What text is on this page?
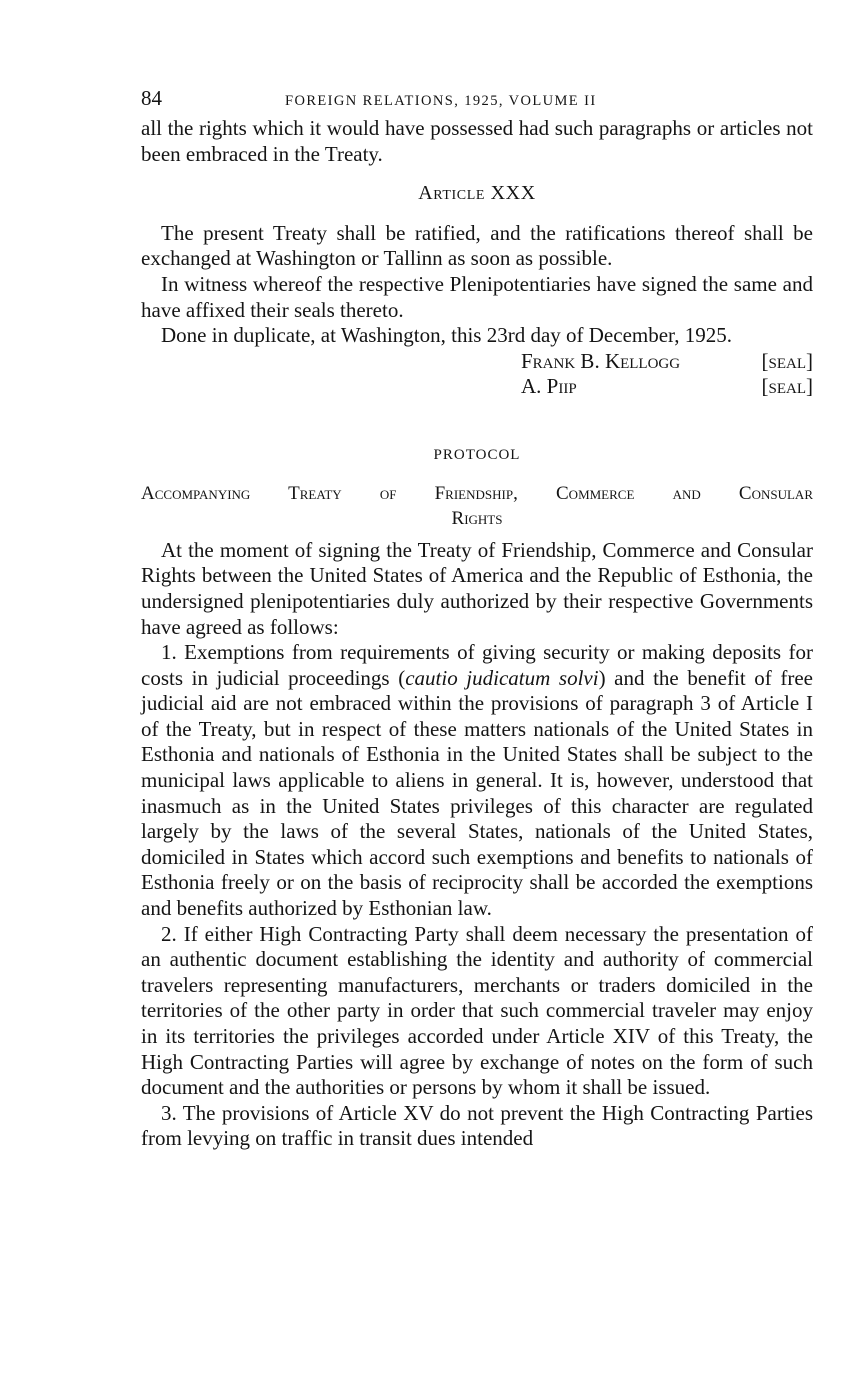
84	FOREIGN RELATIONS, 1925, VOLUME II

all the rights which it would have possessed had such paragraphs or articles not been embraced in the Treaty.

Article XXX

The present Treaty shall be ratified, and the ratifications thereof shall be exchanged at Washington or Tallinn as soon as possible.

In witness whereof the respective Plenipotentiaries have signed the same and have affixed their seals thereto.

Done in duplicate, at Washington, this 23rd day of December, 1925.

Frank B. Kellogg	[seal]
A. Piip	[seal]

PROTOCOL

Accompanying Treaty of Friendship, Commerce and Consular
Rights

At the moment of signing the Treaty of Friendship, Commerce and Consular Rights between the United States of America and the Republic of Esthonia, the undersigned plenipotentiaries duly authorized by their respective Governments have agreed as follows:

1. Exemptions from requirements of giving security or making deposits for costs in judicial proceedings (cautio judicatum solvi) and the benefit of free judicial aid are not embraced within the provisions of paragraph 3 of Article I of the Treaty, but in respect of these matters nationals of the United States in Esthonia and nationals of Esthonia in the United States shall be subject to the municipal laws applicable to aliens in general. It is, however, understood that inasmuch as in the United States privileges of this character are regulated largely by the laws of the several States, nationals of the United States, domiciled in States which accord such exemptions and benefits to nationals of Esthonia freely or on the basis of reciprocity shall be accorded the exemptions and benefits authorized by Esthonian law.

2. If either High Contracting Party shall deem necessary the presentation of an authentic document establishing the identity and authority of commercial travelers representing manufacturers, merchants or traders domiciled in the territories of the other party in order that such commercial traveler may enjoy in its territories the privileges accorded under Article XIV of this Treaty, the High Contracting Parties will agree by exchange of notes on the form of such document and the authorities or persons by whom it shall be issued.

3. The provisions of Article XV do not prevent the High Contracting Parties from levying on traffic in transit dues intended
